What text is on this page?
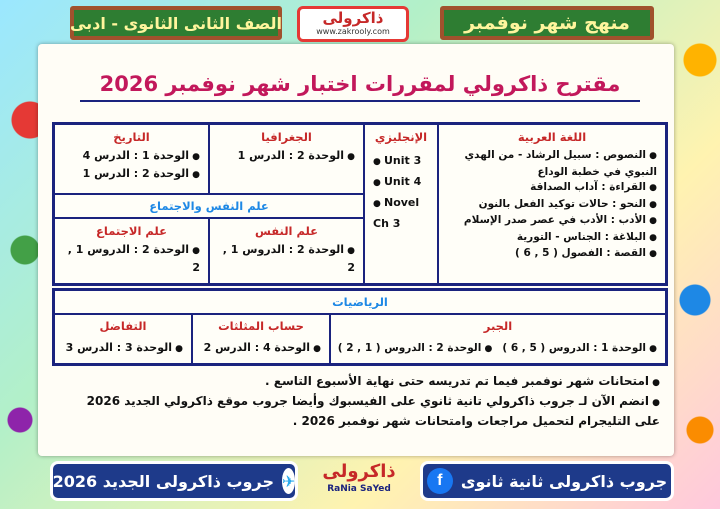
منهج شهر نوفمبر
الصف الثانى الثانوى - ادبى	ذاكرولى
www.zakrooly.com
مقترح ذاكرولي لمقررات اختبار شهر نوفمبر 2026
اللغة العربية
● النصوص : سبيل الرشاد - من الهدي النبوي في خطبة الوداع
● القراءة : آداب الصداقة
● النحو : حالات توكيد الفعل بالنون
● الأدب : الأدب في عصر صدر الإسلام
● البلاغة : الجناس - التورية
● القصة : الفصول ( 5 , 6 )
الإنجليزي
● Unit 3
● Unit 4
● Novel Ch 3
الجغرافيا
● الوحدة 2 : الدرس 1
التاريخ
● الوحدة 1 : الدرس 4
● الوحدة 2 : الدرس 1
علم النفس والاجتماع
علم النفس
● الوحدة 2 : الدروس 1 , 2
علم الاجتماع
● الوحدة 2 : الدروس 1 , 2
الرياضيات
الجبر
● الوحدة 1 : الدروس ( 5 , 6 )
● الوحدة 2 : الدروس ( 1 , 2 )
حساب المثلثات
● الوحدة 4 : الدرس 2
التفاضل
● الوحدة 3 : الدرس 3
● امتحانات شهر نوفمبر فيما تم تدريسه حتى نهاية الأسبوع التاسع .
● انضم الآن لـ جروب ذاكرولي تانية ثانوي على الفيسبوك وأيضا جروب موقع ذاكرولي الجديد 2026
على التليجرام لتحميل مراجعات وامتحانات شهر نوفمبر 2026 .
جروب ذاكرولى الجديد 2026 ✈	ذاكرولى
RaNia SaYed	f	جروب ذاكرولى ثانية ثانوى
